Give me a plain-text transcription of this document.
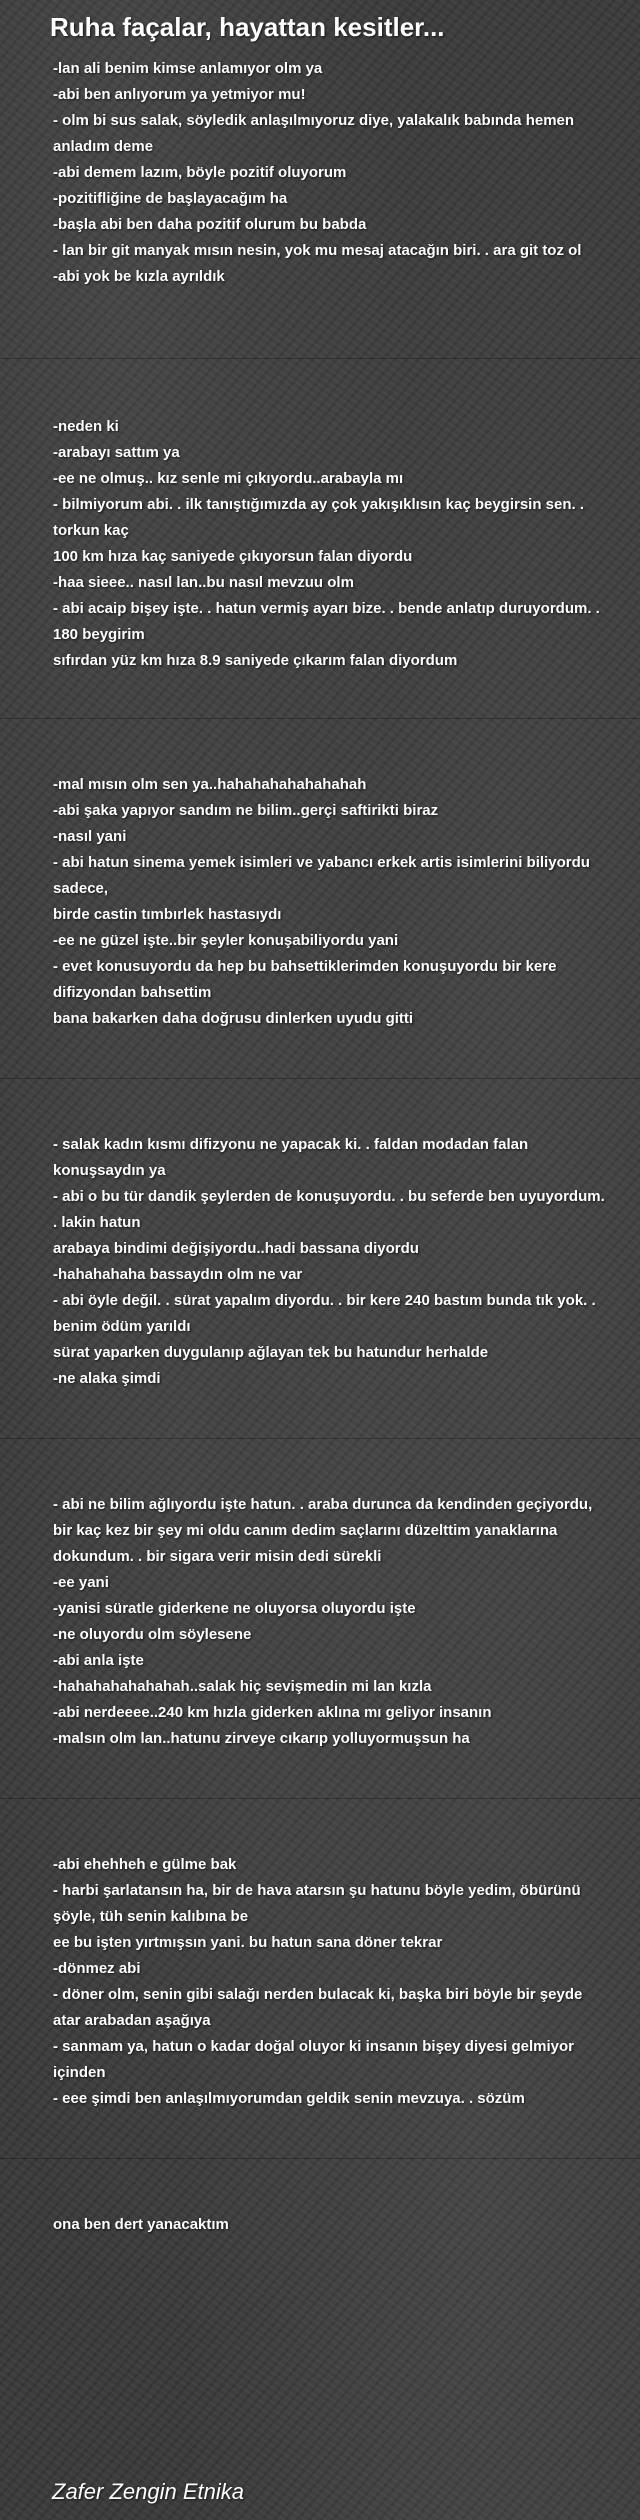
Ruha façalar, hayattan kesitler...
-lan ali benim kimse anlamıyor olm ya
-abi ben anlıyorum ya yetmiyor mu!
- olm bi sus salak, söyledik anlaşılmıyoruz diye, yalakalık babında hemen anladım deme
-abi demem lazım, böyle pozitif oluyorum
-pozitifliğine de başlayacağım ha
-başla abi ben daha pozitif olurum bu babda
- lan bir git manyak mısın nesin, yok mu mesaj atacağın biri. . ara git toz ol
-abi yok be kızla ayrıldık
-neden ki
-arabayı sattım ya
-ee ne olmuş.. kız senle mi çıkıyordu..arabayla mı
- bilmiyorum abi. . ilk tanıştığımızda ay çok yakışıklısın kaç beygirsin sen. . torkun kaç
100 km hıza kaç saniyede çıkıyorsun falan diyordu
-haa sieee.. nasıl lan..bu nasıl mevzuu olm
- abi acaip bişey işte. . hatun vermiş ayarı bize. . bende anlatıp duruyordum. . 180 beygirim
sıfırdan yüz km hıza 8.9 saniyede çıkarım falan diyordum
-mal mısın olm sen ya..hahahahahahahahah
-abi şaka yapıyor sandım ne bilim..gerçi saftirikti biraz
-nasıl yani
- abi hatun sinema yemek isimleri ve yabancı erkek artis isimlerini biliyordu sadece,
birde castin tımbırlek hastasıydı
-ee ne güzel işte..bir şeyler konuşabiliyordu yani
- evet konusuyordu da hep bu bahsettiklerimden konuşuyordu bir kere difizyondan bahsettim
bana bakarken daha doğrusu dinlerken uyudu gitti
- salak kadın kısmı difizyonu ne yapacak ki. . faldan modadan falan konuşsaydın ya
- abi o bu tür dandik şeylerden de konuşuyordu. . bu seferde ben uyuyordum. . lakin hatun
arabaya bindimi değişiyordu..hadi bassana diyordu
-hahahahaha bassaydın olm ne var
- abi öyle değil. . sürat yapalım diyordu. . bir kere 240 bastım bunda tık yok. . benim ödüm yarıldı
sürat yaparken duygulanıp ağlayan tek bu hatundur herhalde
-ne alaka şimdi
- abi ne bilim ağlıyordu işte hatun. . araba durunca da kendinden geçiyordu, bir kaç kez bir şey mi oldu canım dedim saçlarını düzelttim yanaklarına dokundum. . bir sigara verir misin dedi sürekli
-ee yani
-yanisi süratle giderkene ne oluyorsa oluyordu işte
-ne oluyordu olm söylesene
-abi anla işte
-hahahahahahahah..salak hiç sevişmedin mi lan kızla
-abi nerdeeee..240 km hızla giderken aklına mı geliyor insanın
-malsın olm lan..hatunu zirveye cıkarıp yolluyormuşsun ha
-abi ehehheh e gülme bak
- harbi şarlatansın ha, bir de hava atarsın şu hatunu böyle yedim, öbürünü şöyle, tüh senin kalıbına be
ee bu işten yırtmışsın yani. bu hatun sana döner tekrar
-dönmez abi
- döner olm, senin gibi salağı nerden bulacak ki, başka biri böyle bir şeyde atar arabadan aşağıya
- sanmam ya, hatun o kadar doğal oluyor ki insanın bişey diyesi gelmiyor içinden
- eee şimdi ben anlaşılmıyorumdan geldik senin mevzuya. . sözüm
ona ben dert yanacaktım

Zafer Zengin Etnika
